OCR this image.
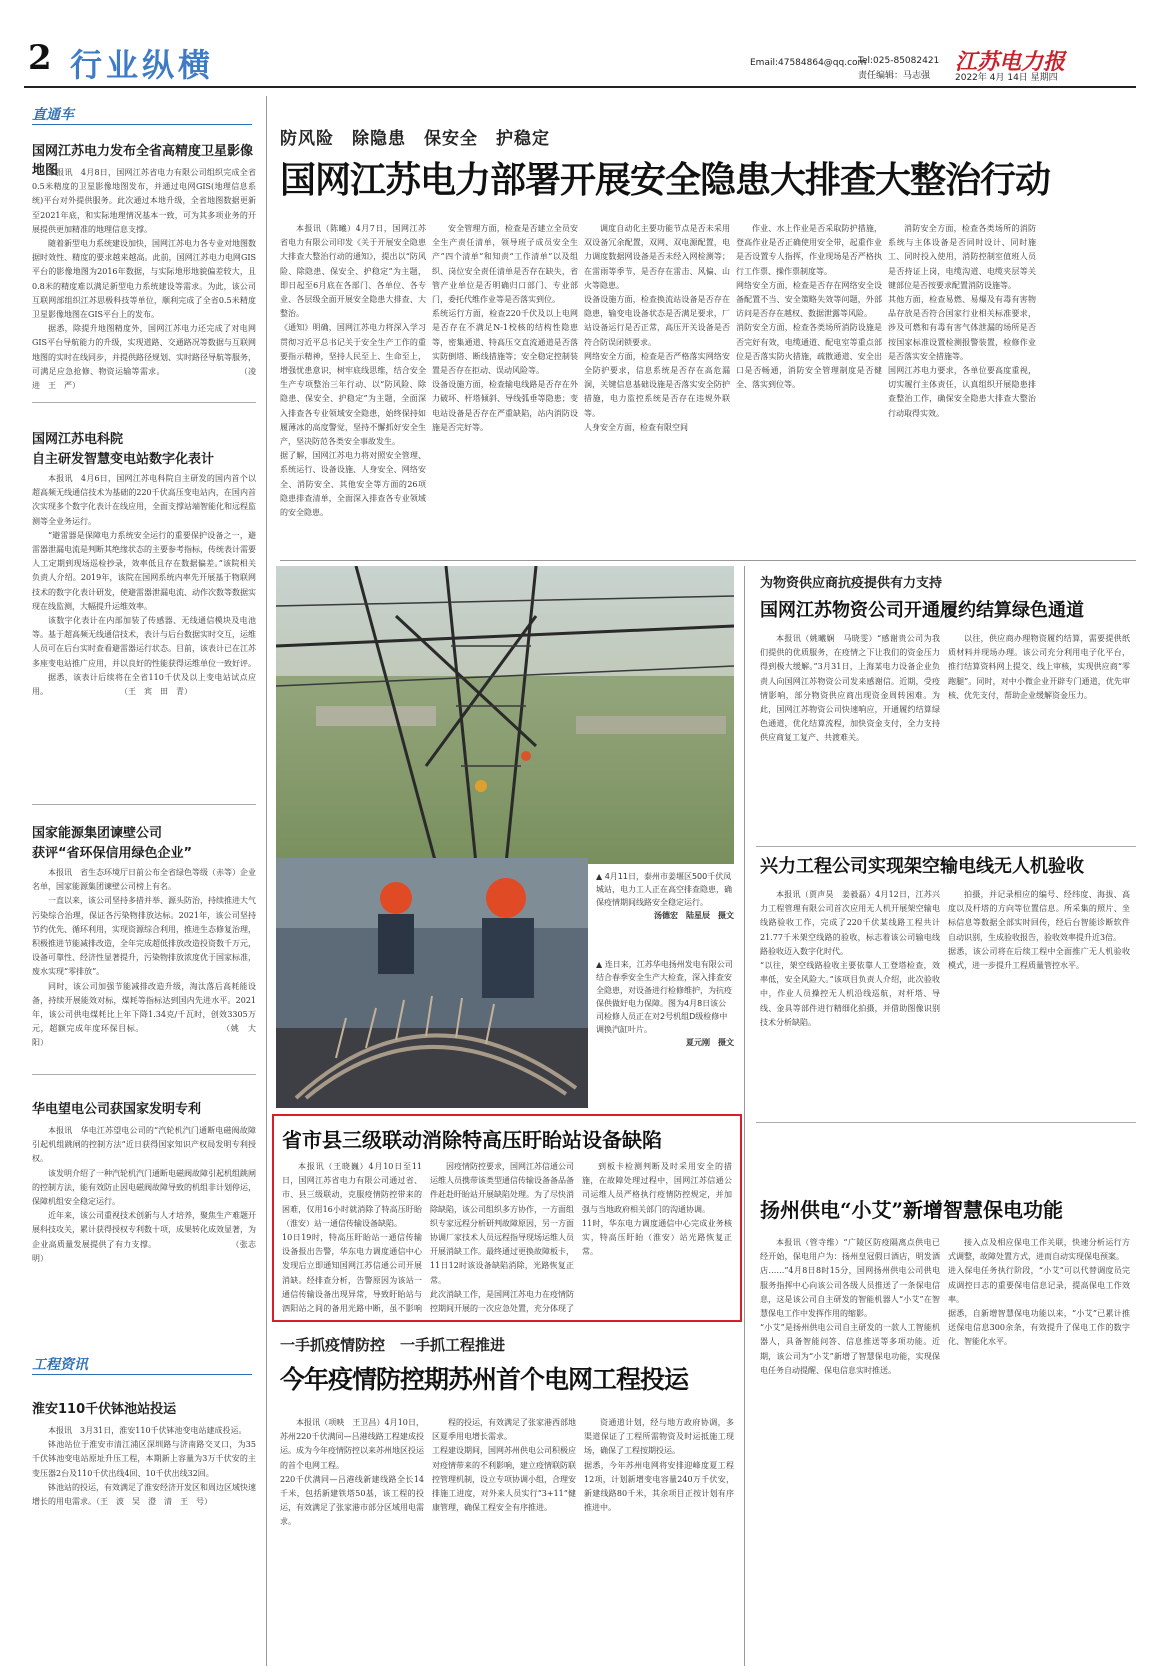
2 行业纵横	Email:47584864@qq.com
Tel:025-85082421
责任编辑：马志强
江苏电力报
2022年 4月 14日 星期四
直通车
国网江苏电力发布全省高精度卫星影像地图

本报讯　4月8日，国网江苏省电力有限公司组织完成全省0.5米精度的卫星影像地图发布，并通过电网GIS(地理信息系统)平台对外提供服务。此次通过本地升级，全省地图数据更新至2021年底，和实际地理情况基本一致，可为其多项业务的开展提供更加精准的地理信息支撑。

随着新型电力系统建设加快，国网江苏电力各专业对地图数据时效性、精度的要求越来越高。此前，国网江苏电力电网GIS平台的影像地图为2016年数据，与实际地形地貌偏差较大，且0.8米的精度难以满足新型电力系统建设等需求。为此，该公司互联网部组织江苏思极科技等单位，顺利完成了全省0.5米精度卫星影像地图在GIS平台上的发布。

据悉，除提升地图精度外，国网江苏电力还完成了对电网GIS平台导航能力的升级，实现道路、交通路况等数据与互联网地图的实时在线同步，并提供路径规划、实时路径导航等服务，可满足应急抢修、物资运输等需求。　　　　　　　　　　（凌　进　王　严）

国网江苏电科院
自主研发智慧变电站数字化表计

本报讯　4月6日，国网江苏电科院自主研发的国内首个以超高频无线通信技术为基础的220千伏高压变电站内，在国内首次实现多个数字化表计在线应用，全面支撑站端智能化和远程监测等全业务运行。

“避雷器是保障电力系统安全运行的重要保护设备之一，避雷器泄漏电流是判断其绝缘状态的主要参考指标，传统表计需要人工定期到现场巡检抄录，效率低且存在数据偏差。”该院相关负责人介绍。2019年，该院在国网系统内率先开展基于物联网技术的数字化表计研发，使避雷器泄漏电流、动作次数等数据实现在线监测，大幅提升运维效率。

该数字化表计在内部加装了传感器、无线通信模块及电池等。基于超高频无线通信技术，表计与后台数据实时交互，运维人员可在后台实时查看避雷器运行状态。目前，该表计已在江苏多座变电站推广应用，并以良好的性能获得运维单位一致好评。

据悉，该表计后续将在全省110千伏及以上变电站试点应用。　　　　　　　　　　（王　宾　田　青）

国家能源集团谏壁公司
获评“省环保信用绿色企业”

本报讯　省生态环境厅日前公布全省绿色等级（赤等）企业名单，国家能源集团谏壁公司榜上有名。

一直以来，该公司坚持多措并举、源头防治，持续推进大气污染综合治理，保证各污染物排放达标。2021年，该公司坚持节约优先、循环利用，实现资源综合利用，推进生态修复治理，积极推进节能减排改造，全年完成超低排放改造投资数千万元，设备可靠性、经济性显著提升，污染物排放浓度优于国家标准，废水实现“零排放”。

同时，该公司加强节能减排改造升级，淘汰落后高耗能设备，持续开展能效对标，煤耗等指标达到国内先进水平。2021年，该公司供电煤耗比上年下降1.34克/千瓦时，创效3305万元，超额完成年度环保目标。　　　　　　　　　　（姚　大　阳）

华电望电公司获国家发明专利

本报讯　华电江苏望电公司的“汽轮机汽门通断电磁阀故障引起机组跳闸的控制方法”近日获得国家知识产权局发明专利授权。

该发明介绍了一种汽轮机汽门通断电磁阀故障引起机组跳闸的控制方法，能有效防止因电磁阀故障导致的机组非计划停运，保障机组安全稳定运行。

近年来，该公司重视技术创新与人才培养，聚焦生产难题开展科技攻关，累计获得授权专利数十项，成果转化成效显著，为企业高质量发展提供了有力支撑。　　　　　　　　　　（张志明）

工程资讯
淮安110千伏钵池站投运

本报讯　3月31日，淮安110千伏钵池变电站建成投运。

钵池站位于淮安市清江浦区深圳路与济南路交叉口，为35千伏钵池变电站原址升压工程，本期新上容量为3万千伏安的主变压器2台及110千伏出线4回、10千伏出线32回。

钵池站的投运，有效满足了淮安经济开发区和周边区域快速增长的用电需求。（王　波　吴　澄　清　王　号）

防风险　除隐患　保安全　护稳定
国网江苏电力部署开展安全隐患大排查大整治行动

本报讯（陈曦）4月7日，国网江苏省电力有限公司印发《关于开展安全隐患大排查大整治行动的通知》，提出以“防风险、除隐患、保安全、护稳定”为主题，即日起至6月底在各部门、各单位、各专业、各层级全面开展安全隐患大排查、大整治。
《通知》明确，国网江苏电力将深入学习贯彻习近平总书记关于安全生产工作的重要指示精神，坚持人民至上、生命至上，增强忧患意识，树牢底线思维，结合安全生产专项整治三年行动、以“防风险、除隐患、保安全、护稳定”为主题，全面深入排查各专业领域安全隐患，始终保持如履薄冰的高度警觉，坚持不懈抓好安全生产，坚决防范各类安全事故发生。
据了解，国网江苏电力将对照安全管理、系统运行、设备设施、人身安全、网络安全、消防安全、其他安全等方面的26项隐患排查清单，全面深入排查各专业领域的安全隐患。

安全管理方面，检查是否建立全员安全生产责任清单，领导班子成员安全生产“四个清单”和知责“工作清单”以及组织、岗位安全责任清单是否存在缺失，省管产业单位是否明确归口部门、专业部门，委托代维作业等是否落实到位。
系统运行方面，检查220千伏及以上电网是否存在不满足N-1校核的结构性隐患等，密集通道、特高压交直流通道是否落实防倒塔、断线措施等；安全稳定控制装置是否存在拒动、误动风险等。
设备设施方面，检查输电线路是否存在外力破坏、杆塔倾斜、导线弧垂等隐患；变电站设备是否存在严重缺陷，站内消防设施是否完好等。

调度自动化主要功能节点是否未采用双设备冗余配置，双网、双电源配置，电力调度数据网设备是否未经入网检测等；在雷雨等季节，是否存在雷击、风偏、山火等隐患。
设备设施方面，检查换流站设备是否存在隐患，输变电设备状态是否满足要求，厂站设备运行是否正常，高压开关设备是否符合防误闭锁要求。
网络安全方面，检查是否严格落实网络安全防护要求，信息系统是否存在高危漏洞，关键信息基础设施是否落实安全防护措施，电力监控系统是否存在违规外联等。
人身安全方面，检查有限空间

作业、水上作业是否采取防护措施，登高作业是否正确使用安全带，起重作业是否设置专人指挥，作业现场是否严格执行工作票、操作票制度等。
网络安全方面，检查是否存在网络安全设备配置不当、安全策略失效等问题，外部访问是否存在越权、数据泄露等风险。
消防安全方面，检查各类场所消防设施是否完好有效，电缆通道、配电室等重点部位是否落实防火措施，疏散通道、安全出口是否畅通，消防安全管理制度是否健全、落实到位等。

消防安全方面，检查各类场所的消防系统与主体设备是否同时设计、同时施工、同时投入使用，消防控制室值班人员是否持证上岗，电缆沟道、电缆夹层等关键部位是否按要求配置消防设施等。
其他方面，检查易燃、易爆及有毒有害物品存放是否符合国家行业相关标准要求，涉及可燃和有毒有害气体泄漏的场所是否按国家标准设置检测报警装置，检修作业是否落实安全措施等。
国网江苏电力要求，各单位要高度重视，切实履行主体责任，认真组织开展隐患排查整治工作，确保安全隐患大排查大整治行动取得实效。

▲ 4月11日，泰州市姜堰区500千伏凤城站，电力工人正在高空排查隐患，确保疫情期间线路安全稳定运行。
汤德宏　陆星辰　摄文
▲ 连日来，江苏华电扬州发电有限公司结合春季安全生产大检查，深入排查安全隐患，对设备进行检修维护，为抗疫保供做好电力保障。图为4月8日该公司检修人员正在对2号机组D级检修中调换汽缸叶片。
夏元刚　摄文
省市县三级联动消除特高压盱眙站设备缺陷

本报讯（王晓巍）4月10日至11日，国网江苏省电力有限公司通过省、市、县三级联动，克服疫情防控带来的困难，仅用16小时就消除了特高压盱眙（淮安）站一通信传输设备缺陷。
10日19时，特高压盱眙站一通信传输设备报出告警，华东电力调度通信中心发现后立即通知国网江苏信通公司开展消缺。经排查分析，告警原因为该站一通信传输设备出现异常，导致盱眙站与泗阳站之间的备用光路中断，虽不影响

因疫情防控要求，国网江苏信通公司运维人员携带该类型通信传输设备备品备件赶赴盱眙站开展缺陷处理。为了尽快消除缺陷，该公司组织多方协作，一方面组织专家远程分析研判故障原因，另一方面协调厂家技术人员远程指导现场运维人员开展消缺工作。最终通过更换故障板卡，11日12时该设备缺陷消除，光路恢复正常。
此次消缺工作，是国网江苏电力在疫情防控期间开展的一次应急处置，充分体现了

到板卡检测判断及时采用安全的措施，在故障处理过程中，国网江苏信通公司运维人员严格执行疫情防控规定，并加强与当地政府相关部门的沟通协调。
11时，华东电力调度通信中心完成业务核实，特高压盱眙（淮安）站光路恢复正常。

为物资供应商抗疫提供有力支持
国网江苏物资公司开通履约结算绿色通道

本报讯（姚曦娴　马晓雯）“感谢贵公司为我们提供的优质服务，在疫情之下让我们的资金压力得到极大缓解。”3月31日，上海某电力设备企业负责人向国网江苏物资公司发来感谢信。近期，受疫情影响，部分物资供应商出现资金周转困难。为此，国网江苏物资公司快速响应，开通履约结算绿色通道，优化结算流程，加快资金支付，全力支持供应商复工复产、共渡难关。

以往，供应商办理物资履约结算，需要提供纸质材料并现场办理。该公司充分利用电子化平台，推行结算资料网上提交、线上审核，实现供应商“零跑腿”。同时，对中小微企业开辟专门通道，优先审核、优先支付，帮助企业缓解资金压力。

兴力工程公司实现架空输电线无人机验收

本报讯（贾声昊　姜毅磊）4月12日，江苏兴力工程管理有限公司首次应用无人机开展架空输电线路验收工作，完成了220千伏某线路工程共计21.77千米架空线路的验收，标志着该公司输电线路验收迈入数字化时代。
“以往，架空线路验收主要依靠人工登塔检查，效率低，安全风险大。”该项目负责人介绍，此次验收中，作业人员操控无人机沿线巡航，对杆塔、导线、金具等部件进行精细化拍摄，并借助图像识别技术分析缺陷。

拍摄，并记录相应的编号、经纬度、海拔、高度以及杆塔的方向等位置信息。所采集的照片、坐标信息等数据全部实时回传，经后台智能诊断软件自动识别，生成验收报告，验收效率提升近3倍。
据悉，该公司将在后续工程中全面推广无人机验收模式，进一步提升工程质量管控水平。

扬州供电“小艾”新增智慧保电功能

本报讯（管寺维）“广陵区防疫隔离点供电已经开始，保电用户为：扬州皇冠假日酒店，明发酒店……”4月8日8时15分，国网扬州供电公司供电服务指挥中心向该公司各级人员推送了一条保电信息，这是该公司自主研发的智能机器人“小艾”在智慧保电工作中发挥作用的缩影。
“小艾”是扬州供电公司自主研发的一款人工智能机器人，具备智能问答、信息推送等多项功能。近期，该公司为“小艾”新增了智慧保电功能，实现保电任务自动提醒、保电信息实时推送。

接入点及相应保电工作关联，快速分析运行方式调整，故障处置方式，进而自动实现保电预案。
进入保电任务执行阶段，“小艾”可以代替调度员完成调控日志的重要保电信息记录，提高保电工作效率。
据悉，自新增智慧保电功能以来，“小艾”已累计推送保电信息300余条，有效提升了保电工作的数字化、智能化水平。

一手抓疫情防控　一手抓工程推进
今年疫情防控期苏州首个电网工程投运

本报讯（项映　王卫昌）4月10日，苏州220千伏满同—吕港线路工程建成投运。成为今年疫情防控以来苏州地区投运的首个电网工程。
220千伏满同—吕港线新建线路全长14千米，包括新建铁塔50基，该工程的投运，有效满足了张家港市部分区域用电需求。

程的投运，有效满足了张家港西部地区夏季用电增长需求。
工程建设期间，国网苏州供电公司积极应对疫情带来的不利影响，建立疫情联防联控管理机制，设立专项协调小组，合理安排施工进度，对外来人员实行“3+11”健康管理，确保工程安全有序推进。

资通道计划，经与地方政府协调，多渠道保证了工程所需物资及时运抵施工现场，确保了工程按期投运。
据悉，今年苏州电网将安排迎峰度夏工程12项，计划新增变电容量240万千伏安，新建线路80千米，其余项目正按计划有序推进中。
